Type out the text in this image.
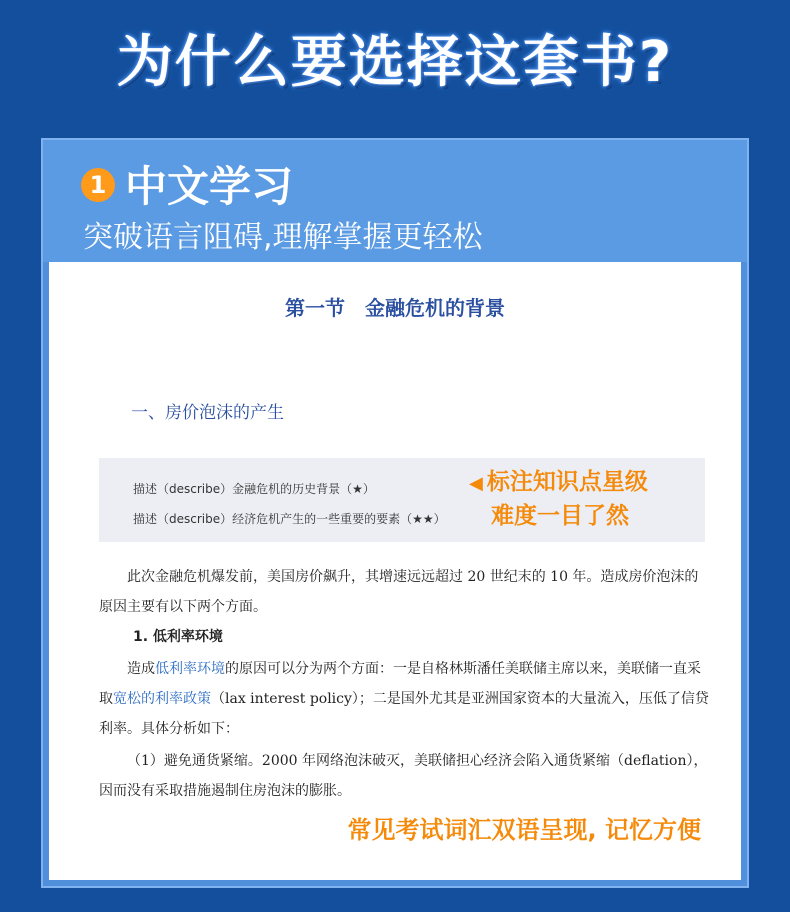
为什么要选择这套书?
1 中文学习
突破语言阻碍,理解掌握更轻松
第一节　金融危机的背景
一、房价泡沫的产生
描述（describe）金融危机的历史背景（★）
描述（describe）经济危机产生的一些重要的要素（★★）
◀ 标注知识点星级
难度一目了然
此次金融危机爆发前，美国房价飙升，其增速远远超过 20 世纪末的 10 年。造成房价泡沫的原因主要有以下两个方面。
1. 低利率环境
造成低利率环境的原因可以分为两个方面：一是自格林斯潘任美联储主席以来，美联储一直采取宽松的利率政策（lax interest policy）；二是国外尤其是亚洲国家资本的大量流入，压低了信贷利率。具体分析如下：
（1）避免通货紧缩。2000 年网络泡沫破灭，美联储担心经济会陷入通货紧缩（deflation），因而没有采取措施遏制住房泡沫的膨胀。
常见考试词汇双语呈现, 记忆方便
